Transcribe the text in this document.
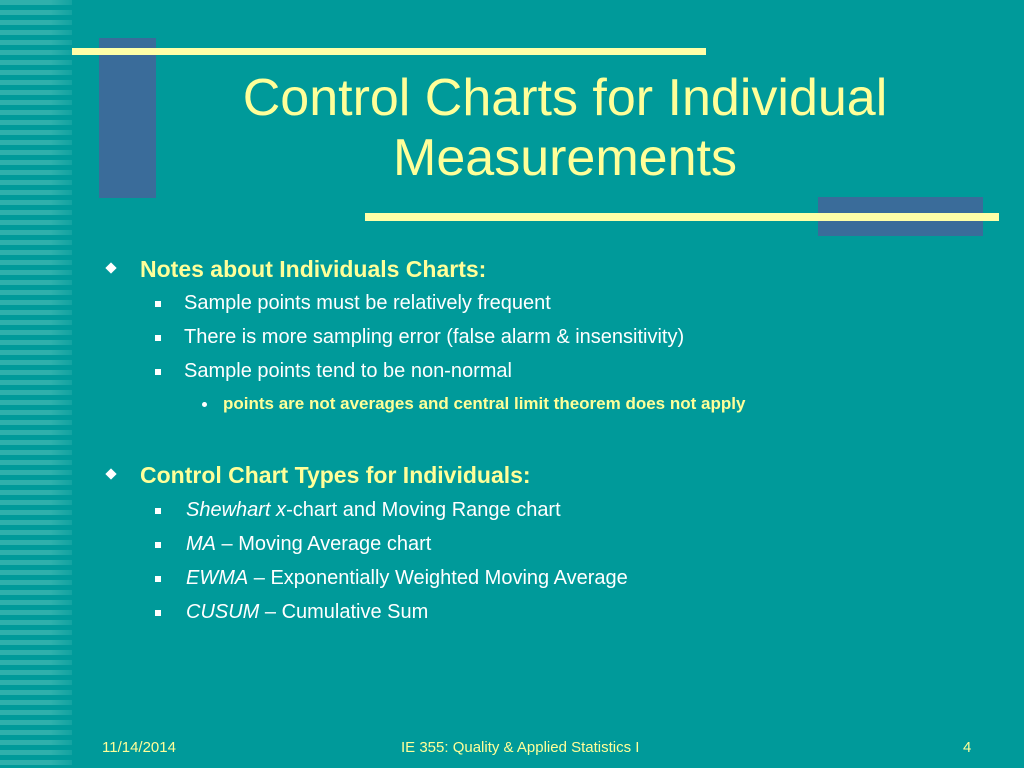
Control Charts for Individual
Measurements
Notes about Individuals Charts:
Sample points must be relatively frequent
There is more sampling error (false alarm & insensitivity)
Sample points tend to be non-normal
points are not averages and central limit theorem does not apply
Control Chart Types for Individuals:
Shewhart x-chart and Moving Range chart
MA – Moving Average chart
EWMA – Exponentially Weighted Moving Average
CUSUM – Cumulative Sum
11/14/2014	IE 355: Quality & Applied Statistics I	4
